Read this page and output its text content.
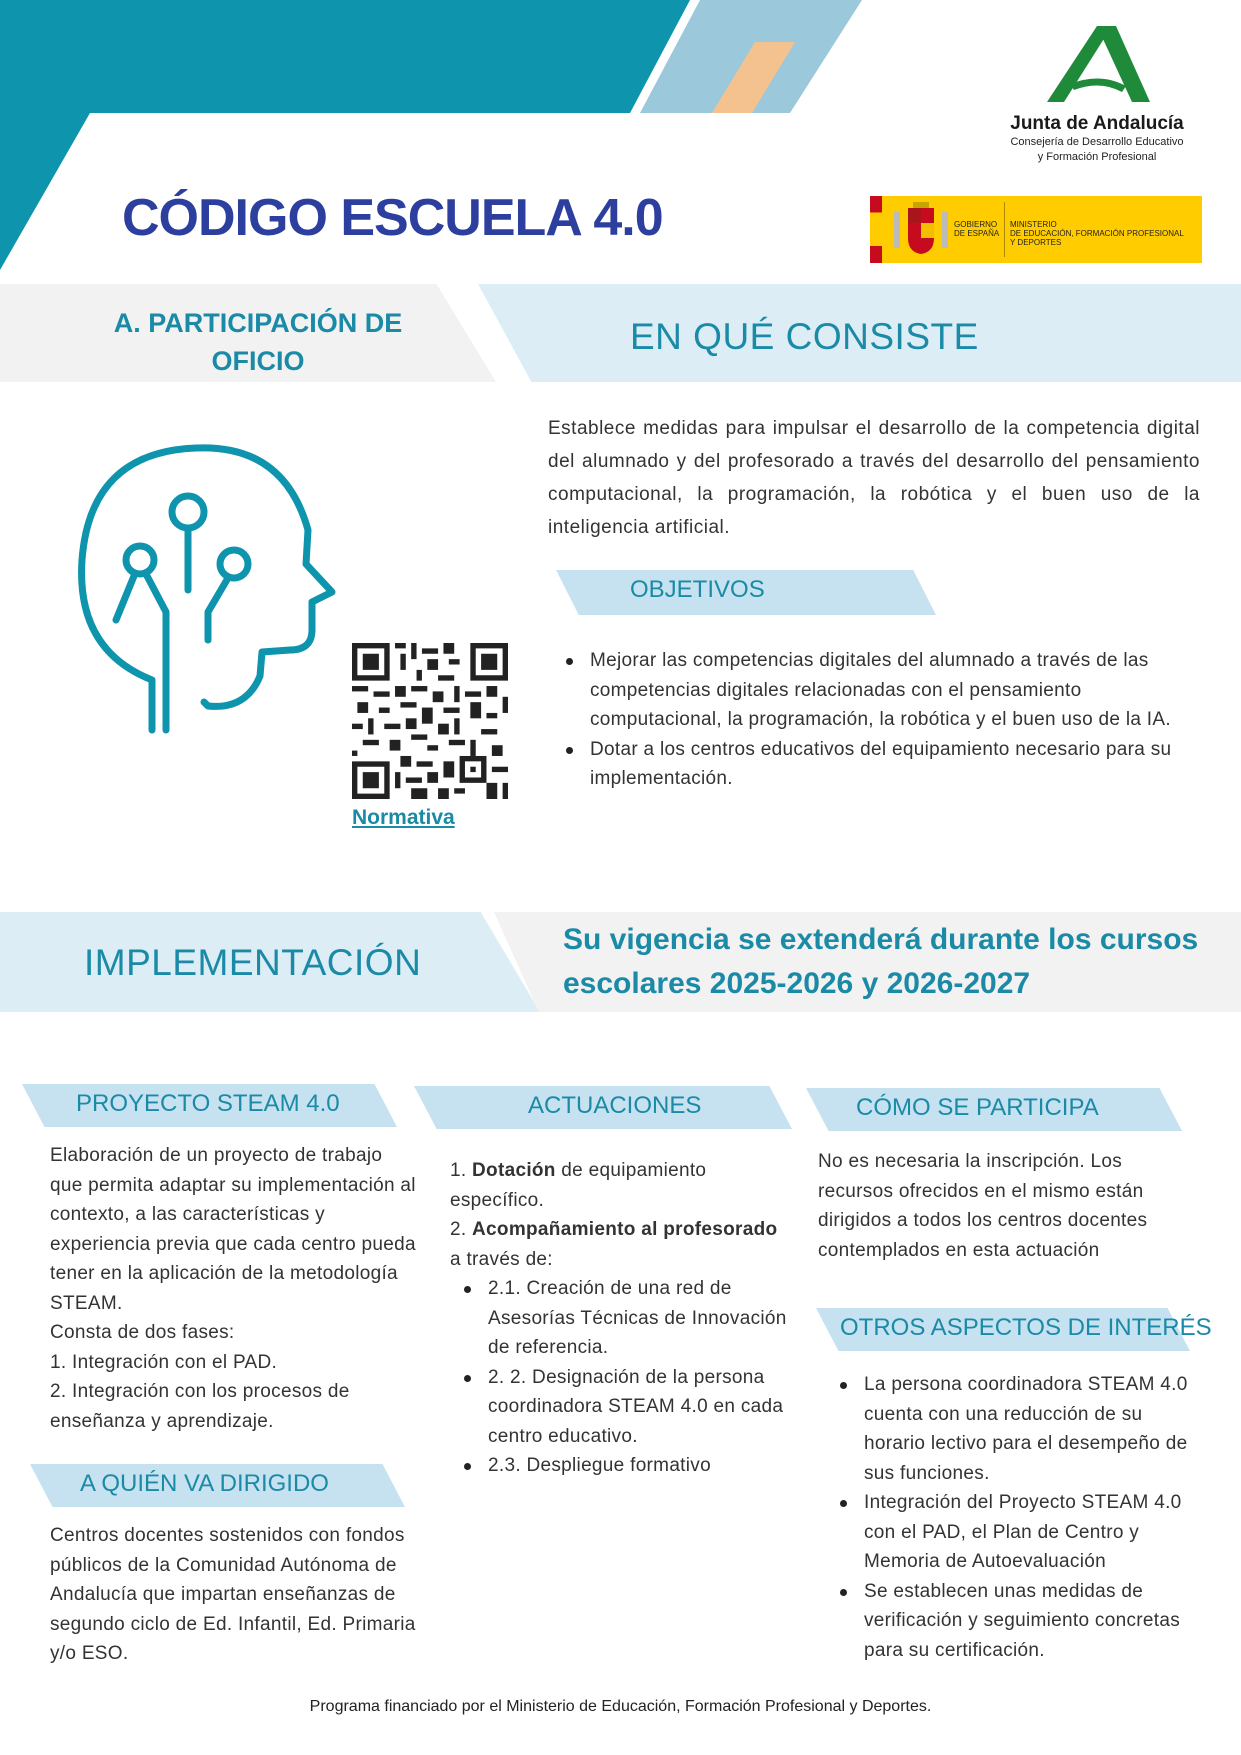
CÓDIGO ESCUELA 4.0
Junta de Andalucía
Consejería de Desarrollo Educativo
y Formación Profesional
GOBIERNO
DE ESPAÑA
MINISTERIO
DE EDUCACIÓN, FORMACIÓN PROFESIONAL
Y DEPORTES
A. PARTICIPACIÓN DE
OFICIO
EN QUÉ CONSISTE
Normativa
Establece medidas para impulsar el desarrollo de la competencia digital del alumnado y del profesorado a través del desarrollo del pensamiento computacional, la programación, la robótica y el buen uso de la inteligencia artificial.
OBJETIVOS
Mejorar las competencias digitales del alumnado a través de las competencias digitales relacionadas con el pensamiento computacional, la programación, la robótica y el buen uso de la IA.
Dotar a los centros educativos del equipamiento necesario para su implementación.
IMPLEMENTACIÓN
Su vigencia se extenderá durante los cursos escolares 2025-2026 y 2026-2027
PROYECTO STEAM 4.0
Elaboración de un proyecto de trabajo que permita adaptar su implementación al contexto, a las características y experiencia previa que cada centro pueda tener en la aplicación de la metodología STEAM.
Consta de dos fases:
1. Integración con el PAD.
2. Integración con los procesos de enseñanza y aprendizaje.
A QUIÉN VA DIRIGIDO
Centros docentes sostenidos con fondos públicos de la Comunidad Autónoma de Andalucía que impartan enseñanzas de segundo ciclo de Ed. Infantil, Ed. Primaria y/o ESO.
ACTUACIONES
1. Dotación de equipamiento específico.
2. Acompañamiento al profesorado a través de:
2.1. Creación de una red de Asesorías Técnicas de Innovación de referencia.
2. 2. Designación de la persona coordinadora STEAM 4.0 en cada centro educativo.
2.3. Despliegue formativo
CÓMO SE PARTICIPA
No es necesaria la inscripción. Los recursos ofrecidos en el mismo están dirigidos a todos los centros docentes contemplados en esta actuación
OTROS ASPECTOS DE INTERÉS
La persona coordinadora STEAM 4.0 cuenta con una reducción de su horario lectivo para el desempeño de sus funciones.
Integración del Proyecto STEAM 4.0 con el PAD, el Plan de Centro y Memoria de Autoevaluación
Se establecen unas medidas de verificación y seguimiento concretas para su certificación.
Programa financiado por el Ministerio de Educación, Formación Profesional y Deportes.
